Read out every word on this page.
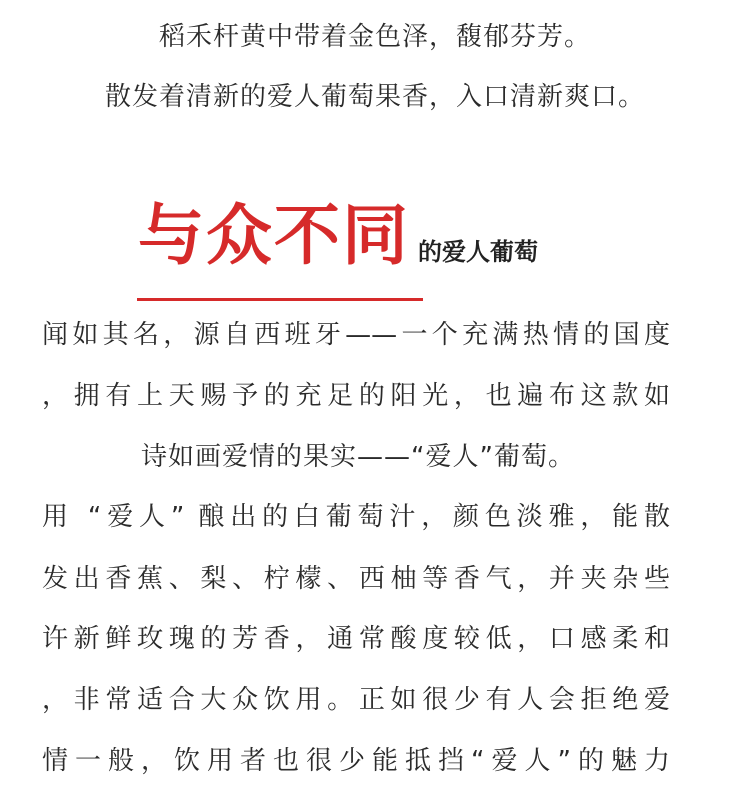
稻禾杆黄中带着金色泽，馥郁芬芳。
散发着清新的爱人葡萄果香，入口清新爽口。
与众不同 的爱人葡萄
闻如其名，源自西班牙——一个充满热情的国度
，拥有上天赐予的充足的阳光，也遍布这款如
诗如画爱情的果实——“爱人”葡萄。
用 “爱人” 酿出的白葡萄汁，颜色淡雅，能散
发出香蕉、梨、柠檬、西柚等香气，并夹杂些
许新鲜玫瑰的芳香，通常酸度较低，口感柔和
，非常适合大众饮用。正如很少有人会拒绝爱
情一般，饮用者也很少能抵挡“爱人”的魅力
